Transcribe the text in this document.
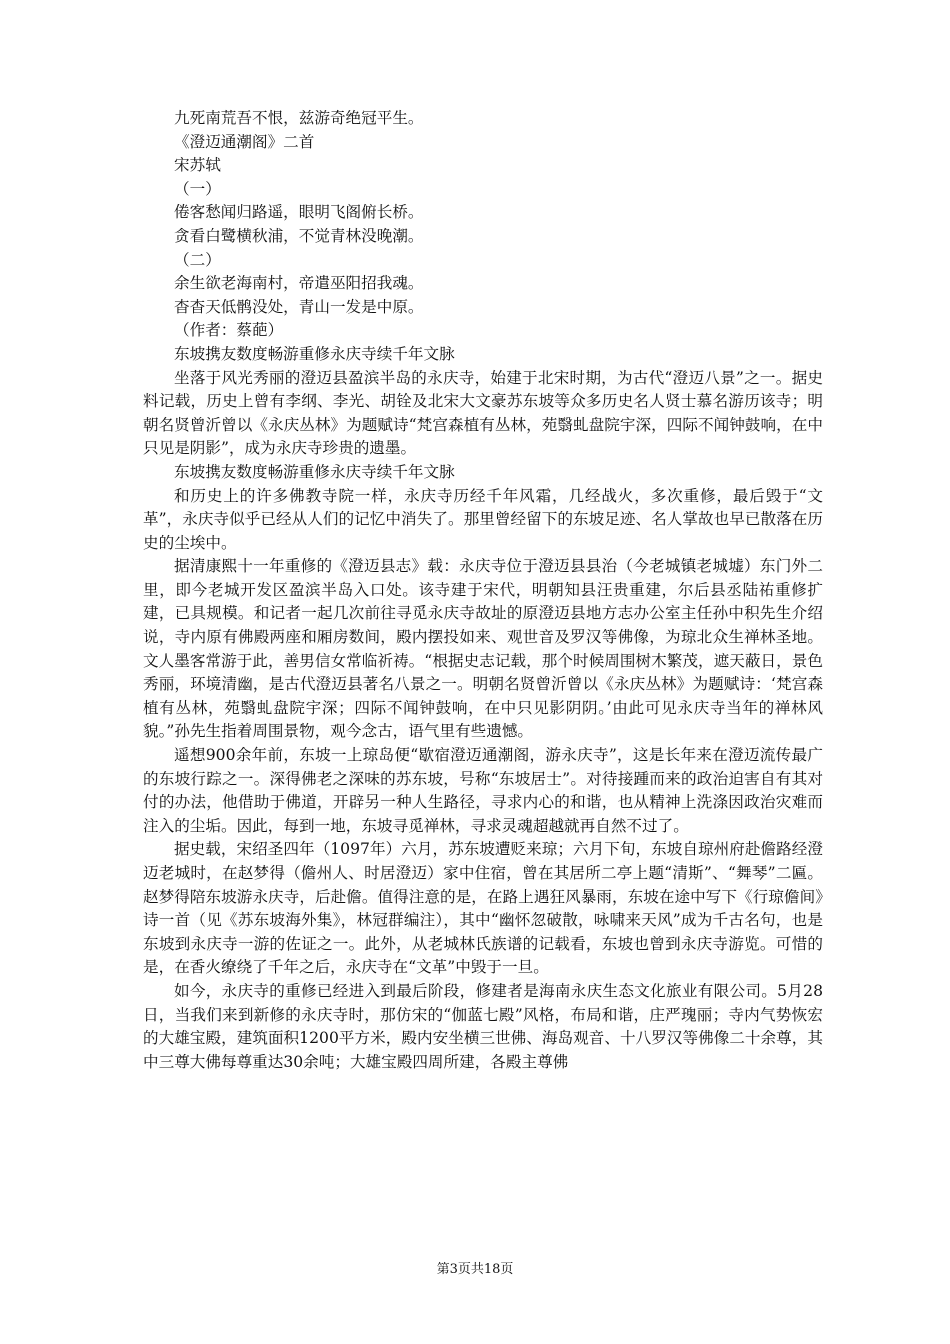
九死南荒吾不恨，兹游奇绝冠平生。

《澄迈通潮阁》二首

宋苏轼

（一）

倦客愁闻归路遥，眼明飞阁俯长桥。

贪看白鹭横秋浦，不觉青林没晚潮。

（二）

余生欲老海南村，帝遣巫阳招我魂。

杳杳天低鹘没处，青山一发是中原。

（作者：蔡葩）

东坡携友数度畅游重修永庆寺续千年文脉

坐落于风光秀丽的澄迈县盈滨半岛的永庆寺，始建于北宋时期，为古代“澄迈八景”之一。据史料记载，历史上曾有李纲、李光、胡铨及北宋大文豪苏东坡等众多历史名人贤士慕名游历该寺；明朝名贤曾沂曾以《永庆丛林》为题赋诗“梵宫森植有丛林，苑翳虬盘院宇深，四际不闻钟鼓响，在中只见是阴影”，成为永庆寺珍贵的遗墨。

东坡携友数度畅游重修永庆寺续千年文脉

和历史上的许多佛教寺院一样，永庆寺历经千年风霜，几经战火，多次重修，最后毁于“文革”，永庆寺似乎已经从人们的记忆中消失了。那里曾经留下的东坡足迹、名人掌故也早已散落在历史的尘埃中。

据清康熙十一年重修的《澄迈县志》载：永庆寺位于澄迈县县治（今老城镇老城墟）东门外二里，即今老城开发区盈滨半岛入口处。该寺建于宋代，明朝知县汪贵重建，尔后县丞陆祐重修扩建，已具规模。和记者一起几次前往寻觅永庆寺故址的原澄迈县地方志办公室主任孙中积先生介绍说，寺内原有佛殿两座和厢房数间，殿内摆投如来、观世音及罗汉等佛像，为琼北众生禅林圣地。文人墨客常游于此，善男信女常临祈祷。“根据史志记载，那个时候周围树木繁茂，遮天蔽日，景色秀丽，环境清幽，是古代澄迈县著名八景之一。明朝名贤曾沂曾以《永庆丛林》为题赋诗：‘梵宫森植有丛林，苑翳虬盘院宇深；四际不闻钟鼓响，在中只见影阴阴。’由此可见永庆寺当年的禅林风貌。”孙先生指着周围景物，观今念古，语气里有些遗憾。

遥想900余年前，东坡一上琼岛便“歇宿澄迈通潮阁，游永庆寺”，这是长年来在澄迈流传最广的东坡行踪之一。深得佛老之深味的苏东坡，号称“东坡居士”。对待接踵而来的政治迫害自有其对付的办法，他借助于佛道，开辟另一种人生路径，寻求内心的和谐，也从精神上洗涤因政治灾难而注入的尘垢。因此，每到一地，东坡寻觅禅林，寻求灵魂超越就再自然不过了。

据史载，宋绍圣四年（1097年）六月，苏东坡遭贬来琼；六月下旬，东坡自琼州府赴儋路经澄迈老城时，在赵梦得（儋州人、时居澄迈）家中住宿，曾在其居所二亭上题“清斯”、“舞琴”二匾。赵梦得陪东坡游永庆寺，后赴儋。值得注意的是，在路上遇狂风暴雨，东坡在途中写下《行琼儋间》诗一首（见《苏东坡海外集》，林冠群编注），其中“幽怀忽破散，咏啸来天风”成为千古名句，也是东坡到永庆寺一游的佐证之一。此外，从老城林氏族谱的记载看，东坡也曾到永庆寺游览。可惜的是，在香火缭绕了千年之后，永庆寺在“文革”中毁于一旦。

如今，永庆寺的重修已经进入到最后阶段，修建者是海南永庆生态文化旅业有限公司。5月28日，当我们来到新修的永庆寺时，那仿宋的“伽蓝七殿”风格，布局和谐，庄严瑰丽；寺内气势恢宏的大雄宝殿，建筑面积1200平方米，殿内安坐横三世佛、海岛观音、十八罗汉等佛像二十余尊，其中三尊大佛每尊重达30余吨；大雄宝殿四周所建，各殿主尊佛

第3页共18页
